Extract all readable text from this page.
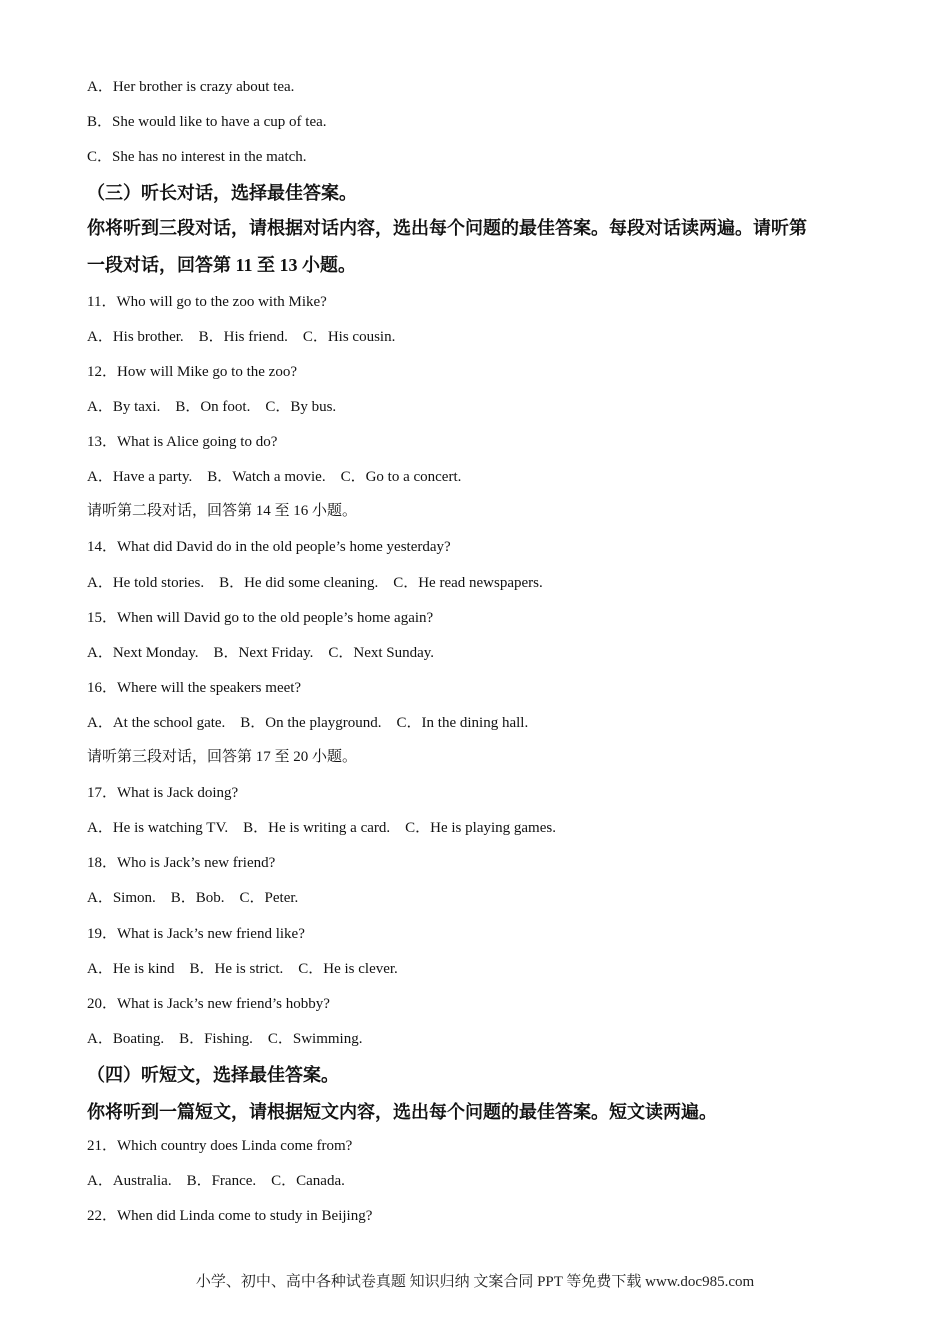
A．Her brother is crazy about tea.
B．She would like to have a cup of tea.
C．She has no interest in the match.
（三）听长对话，选择最佳答案。
你将听到三段对话，请根据对话内容，选出每个问题的最佳答案。每段对话读两遍。请听第
一段对话，回答第 11 至 13 小题。
11．Who will go to the zoo with Mike?
A．His brother.    B．His friend.    C．His cousin.
12．How will Mike go to the zoo?
A．By taxi.    B．On foot.    C．By bus.
13．What is Alice going to do?
A．Have a party.    B．Watch a movie.    C．Go to a concert.
请听第二段对话，回答第 14 至 16 小题。
14．What did David do in the old people’s home yesterday?
A．He told stories.    B．He did some cleaning.    C．He read newspapers.
15．When will David go to the old people’s home again?
A．Next Monday.    B．Next Friday.    C．Next Sunday.
16．Where will the speakers meet?
A．At the school gate.    B．On the playground.    C．In the dining hall.
请听第三段对话，回答第 17 至 20 小题。
17．What is Jack doing?
A．He is watching TV.    B．He is writing a card.    C．He is playing games.
18．Who is Jack’s new friend?
A．Simon.    B．Bob.    C．Peter.
19．What is Jack’s new friend like?
A．He is kind    B．He is strict.    C．He is clever.
20．What is Jack’s new friend’s hobby?
A．Boating.    B．Fishing.    C．Swimming.
（四）听短文，选择最佳答案。
你将听到一篇短文，请根据短文内容，选出每个问题的最佳答案。短文读两遍。
21．Which country does Linda come from?
A．Australia.    B．France.    C．Canada.
22．When did Linda come to study in Beijing?
小学、初中、高中各种试卷真题 知识归纳 文案合同 PPT 等免费下载 www.doc985.com
